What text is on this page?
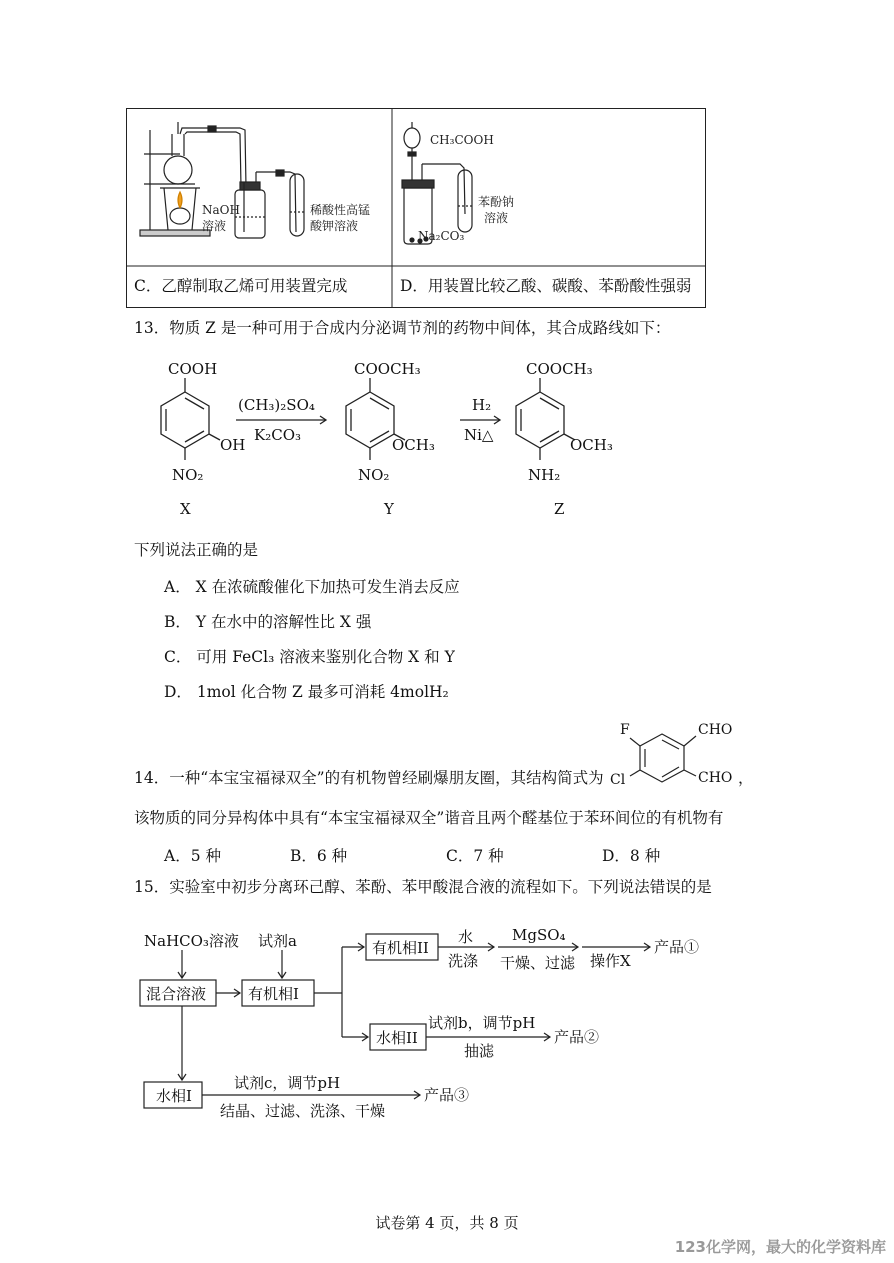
NaOH
溶液
稀酸性高锰
酸钾溶液
CH₃COOH
苯酚钠
溶液
Na₂CO₃
C．乙醇制取乙烯可用装置完成	D．用装置比较乙酸、碳酸、苯酚酸性强弱
13．物质 Z 是一种可用于合成内分泌调节剂的药物中间体，其合成路线如下：
COOH
OH
NO₂
X
(CH₃)₂SO₄
K₂CO₃
COOCH₃
OCH₃
NO₂
Y
H₂
Ni△
COOCH₃
OCH₃
NH₂
Z
下列说法正确的是
A． X 在浓硫酸催化下加热可发生消去反应
B． Y 在水中的溶解性比 X 强
C． 可用 FeCl₃ 溶液来鉴别化合物 X 和 Y
D． 1mol 化合物 Z 最多可消耗 4molH₂
F
Cl
CHO
CHO
14．一种“本宝宝福禄双全”的有机物曾经刷爆朋友圈，其结构简式为	，
该物质的同分异构体中具有“本宝宝福禄双全”谐音且两个醛基位于苯环间位的有机物有
A．5 种	B．6 种	C．7 种	D．8 种
15．实验室中初步分离环己醇、苯酚、苯甲酸混合液的流程如下。下列说法错误的是
NaHCO₃溶液 试剂a
混合溶液	有机相I
有机相II
水
洗涤
MgSO₄
干燥、过滤 操作X
产品①
水相II
试剂b，调节pH
抽滤
产品②
水相I
试剂c，调节pH
结晶、过滤、洗涤、干燥
产品③
试卷第 4 页，共 8 页
123化学网，最大的化学资料库
